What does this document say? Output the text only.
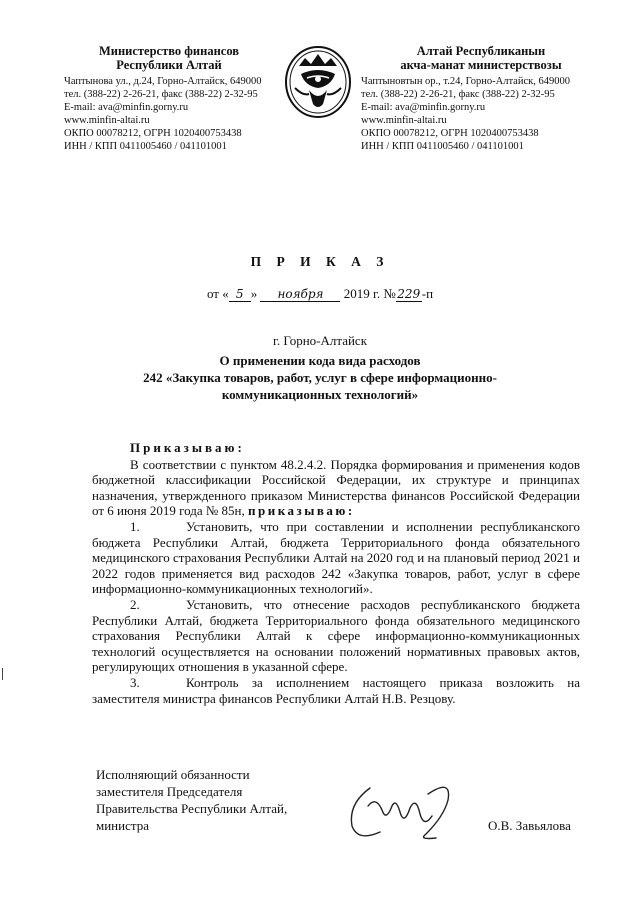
Министерство финансов
Республики Алтай
Чаптынова ул., д.24, Горно-Алтайск, 649000
тел. (388-22) 2-26-21, факс (388-22) 2-32-95
E-mail: ava@minfin.gorny.ru
www.minfin-altai.ru
ОКПО 00078212, ОГРН 1020400753438
ИНН / КПП 0411005460 / 041101001
Алтай Республиканын
акча-манат министерствозы
Чаптыновтын ор., т.24, Горно-Алтайск, 649000
тел. (388-22) 2-26-21, факс (388-22) 2-32-95
E-mail: ava@minfin.gorny.ru
www.minfin-altai.ru
ОКПО 00078212, ОГРН 1020400753438
ИНН / КПП 0411005460 / 041101001
П Р И К А З
от « 5 » ноября 2019 г. № 229 -п
г. Горно-Алтайск
О применении кода вида расходов
242 «Закупка товаров, работ, услуг в сфере информационно-
коммуникационных технологий»

Приказываю:

В соответствии с пунктом 48.2.4.2. Порядка формирования и применения кодов бюджетной классификации Российской Федерации, их структуре и принципах назначения, утвержденного приказом Министерства финансов Российской Федерации от 6 июня 2019 года № 85н, приказываю:

1.	Установить, что при составлении и исполнении республиканского бюджета Республики Алтай, бюджета Территориального фонда обязательного медицинского страхования Республики Алтай на 2020 год и на плановый период 2021 и 2022 годов применяется вид расходов 242 «Закупка товаров, работ, услуг в сфере информационно-коммуникационных технологий».

2.	Установить, что отнесение расходов республиканского бюджета Республики Алтай, бюджета Территориального фонда обязательного медицинского страхования Республики Алтай к сфере информационно-коммуникационных технологий осуществляется на основании положений нормативных правовых актов, регулирующих отношения в указанной сфере.

3.	Контроль за исполнением настоящего приказа возложить на заместителя министра финансов Республики Алтай Н.В. Резцову.

Исполняющий обязанности
заместителя Председателя
Правительства Республики Алтай,
министра	О.В. Завьялова
